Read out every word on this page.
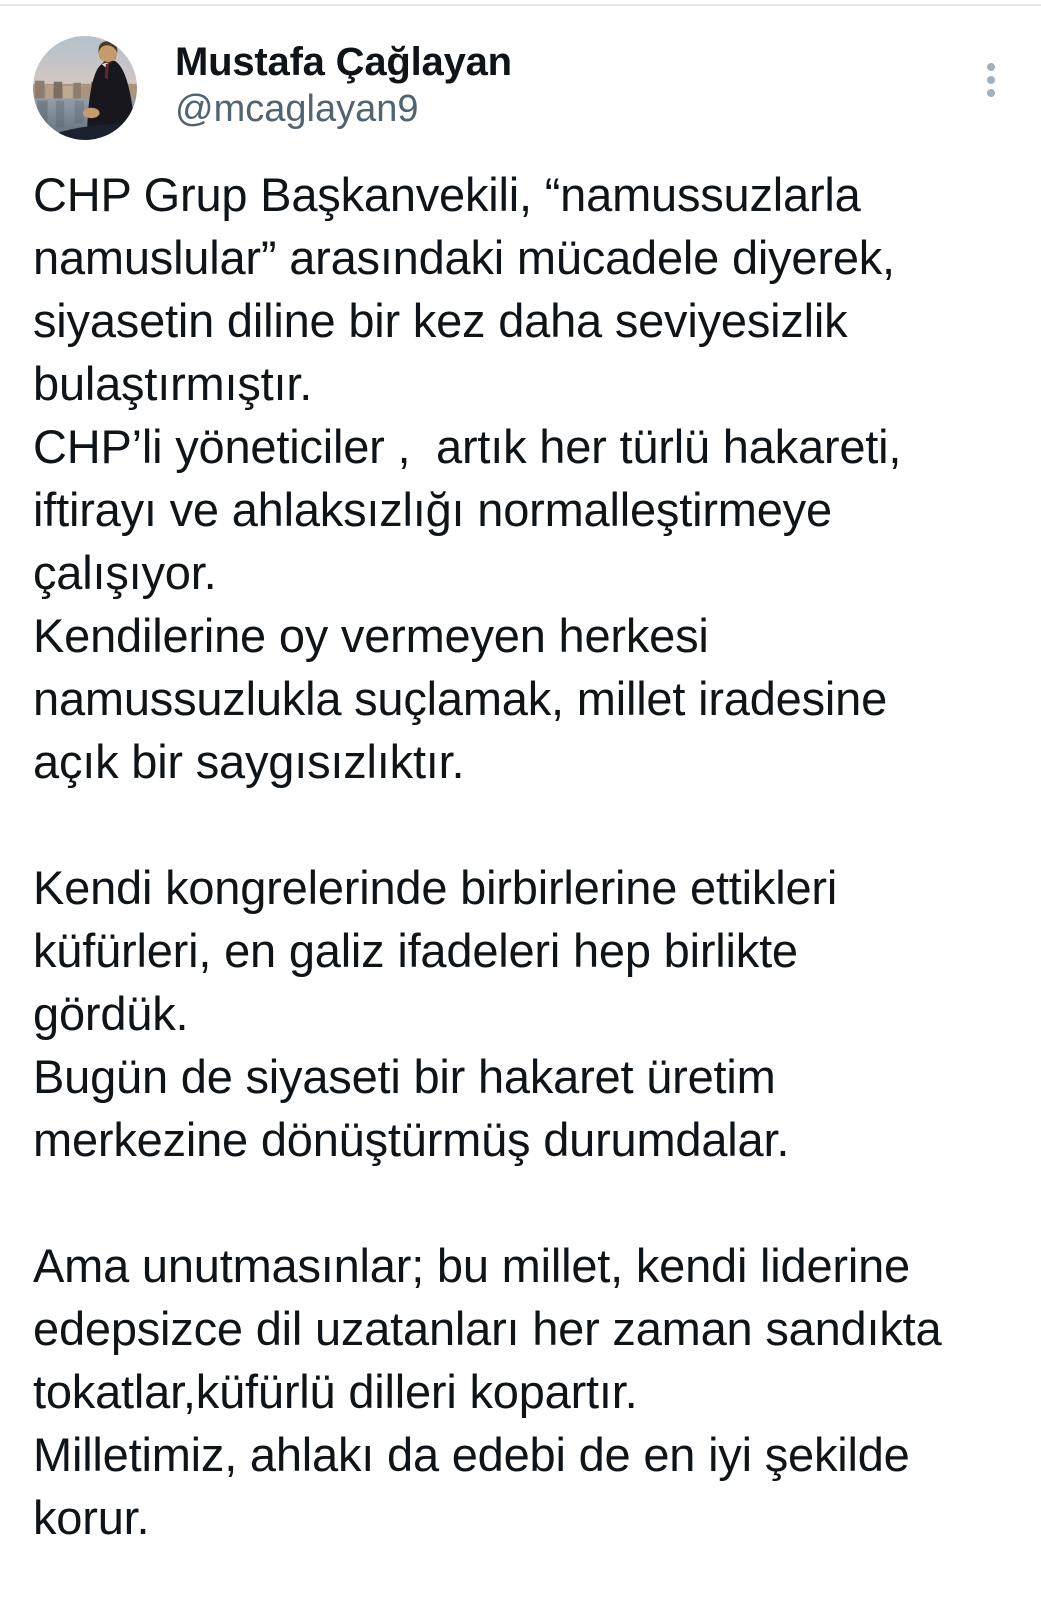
Mustafa Çağlayan
@mcaglayan9
CHP Grup Başkanvekili, “namussuzlarla
namuslular” arasındaki mücadele diyerek,
siyasetin diline bir kez daha seviyesizlik
bulaştırmıştır.
CHP’li yöneticiler ,  artık her türlü hakareti,
iftirayı ve ahlaksızlığı normalleştirmeye
çalışıyor.
Kendilerine oy vermeyen herkesi
namussuzlukla suçlamak, millet iradesine
açık bir saygısızlıktır.

Kendi kongrelerinde birbirlerine ettikleri
küfürleri, en galiz ifadeleri hep birlikte
gördük.
Bugün de siyaseti bir hakaret üretim
merkezine dönüştürmüş durumdalar.

Ama unutmasınlar; bu millet, kendi liderine
edepsizce dil uzatanları her zaman sandıkta
tokatlar,küfürlü dilleri kopartır.
Milletimiz, ahlakı da edebi de en iyi şekilde
korur.
